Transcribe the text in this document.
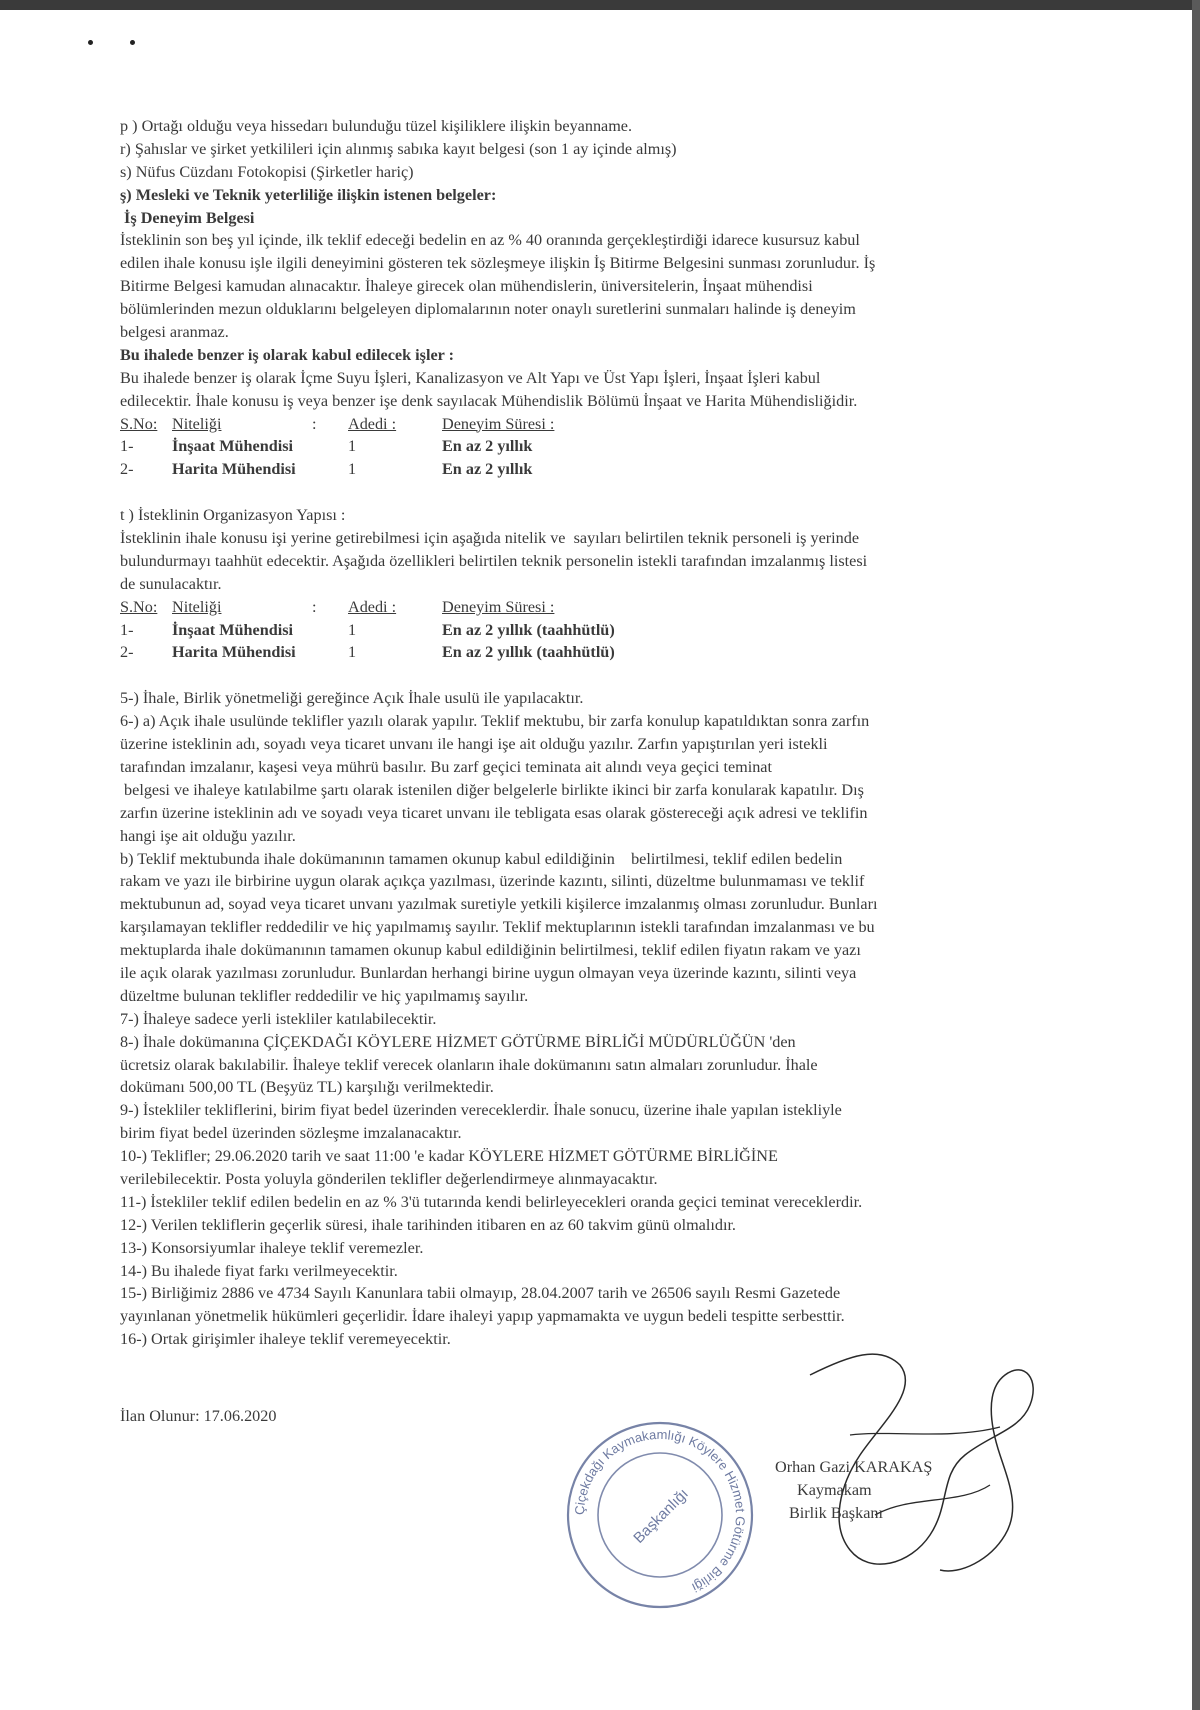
p ) Ortağı olduğu veya hissedarı bulunduğu tüzel kişiliklere ilişkin beyanname.
r) Şahıslar ve şirket yetkilileri için alınmış sabıka kayıt belgesi (son 1 ay içinde almış)
s) Nüfus Cüzdanı Fotokopisi (Şirketler hariç)
ş) Mesleki ve Teknik yeterliliğe ilişkin istenen belgeler:
İş Deneyim Belgesi
İsteklinin son beş yıl içinde, ilk teklif edeceği bedelin en az % 40 oranında gerçekleştirdiği idarece kusursuz kabul
edilen ihale konusu işle ilgili deneyimini gösteren tek sözleşmeye ilişkin İş Bitirme Belgesini sunması zorunludur. İş
Bitirme Belgesi kamudan alınacaktır. İhaleye girecek olan mühendislerin, üniversitelerin, İnşaat mühendisi
bölümlerinden mezun olduklarını belgeleyen diplomalarının noter onaylı suretlerini sunmaları halinde iş deneyim
belgesi aranmaz.
Bu ihalede benzer iş olarak kabul edilecek işler :
Bu ihalede benzer iş olarak İçme Suyu İşleri, Kanalizasyon ve Alt Yapı ve Üst Yapı İşleri, İnşaat İşleri kabul
edilecektir. İhale konusu iş veya benzer işe denk sayılacak Mühendislik Bölümü İnşaat ve Harita Mühendisliğidir.
S.No: Niteliği	: Adedi :	Deneyim Süresi :
1- İnşaat Mühendisi	1	En az 2 yıllık
2- Harita Mühendisi	1	En az 2 yıllık
t ) İsteklinin Organizasyon Yapısı :
İsteklinin ihale konusu işi yerine getirebilmesi için aşağıda nitelik ve  sayıları belirtilen teknik personeli iş yerinde
bulundurmayı taahhüt edecektir. Aşağıda özellikleri belirtilen teknik personelin istekli tarafından imzalanmış listesi
de sunulacaktır.
S.No: Niteliği	: Adedi :	Deneyim Süresi :
1- İnşaat Mühendisi	1	En az 2 yıllık (taahhütlü)
2- Harita Mühendisi	1	En az 2 yıllık (taahhütlü)
5-) İhale, Birlik yönetmeliği gereğince Açık İhale usulü ile yapılacaktır.
6-) a) Açık ihale usulünde teklifler yazılı olarak yapılır. Teklif mektubu, bir zarfa konulup kapatıldıktan sonra zarfın
üzerine isteklinin adı, soyadı veya ticaret unvanı ile hangi işe ait olduğu yazılır. Zarfın yapıştırılan yeri istekli
tarafından imzalanır, kaşesi veya mührü basılır. Bu zarf geçici teminata ait alındı veya geçici teminat
belgesi ve ihaleye katılabilme şartı olarak istenilen diğer belgelerle birlikte ikinci bir zarfa konularak kapatılır. Dış
zarfın üzerine isteklinin adı ve soyadı veya ticaret unvanı ile tebligata esas olarak göstereceği açık adresi ve teklifin
hangi işe ait olduğu yazılır.
b) Teklif mektubunda ihale dokümanının tamamen okunup kabul edildiğinin    belirtilmesi, teklif edilen bedelin
rakam ve yazı ile birbirine uygun olarak açıkça yazılması, üzerinde kazıntı, silinti, düzeltme bulunmaması ve teklif
mektubunun ad, soyad veya ticaret unvanı yazılmak suretiyle yetkili kişilerce imzalanmış olması zorunludur. Bunları
karşılamayan teklifler reddedilir ve hiç yapılmamış sayılır. Teklif mektuplarının istekli tarafından imzalanması ve bu
mektuplarda ihale dokümanının tamamen okunup kabul edildiğinin belirtilmesi, teklif edilen fiyatın rakam ve yazı
ile açık olarak yazılması zorunludur. Bunlardan herhangi birine uygun olmayan veya üzerinde kazıntı, silinti veya
düzeltme bulunan teklifler reddedilir ve hiç yapılmamış sayılır.
7-) İhaleye sadece yerli istekliler katılabilecektir.
8-) İhale dokümanına ÇİÇEKDAĞI KÖYLERE HİZMET GÖTÜRME BİRLİĞİ MÜDÜRLÜĞÜN 'den
ücretsiz olarak bakılabilir. İhaleye teklif verecek olanların ihale dokümanını satın almaları zorunludur. İhale
dokümanı 500,00 TL (Beşyüz TL) karşılığı verilmektedir.
9-) İstekliler tekliflerini, birim fiyat bedel üzerinden vereceklerdir. İhale sonucu, üzerine ihale yapılan istekliyle
birim fiyat bedel üzerinden sözleşme imzalanacaktır.
10-) Teklifler; 29.06.2020 tarih ve saat 11:00 'e kadar KÖYLERE HİZMET GÖTÜRME BİRLİĞİNE
verilebilecektir. Posta yoluyla gönderilen teklifler değerlendirmeye alınmayacaktır.
11-) İstekliler teklif edilen bedelin en az % 3'ü tutarında kendi belirleyecekleri oranda geçici teminat vereceklerdir.
12-) Verilen tekliflerin geçerlik süresi, ihale tarihinden itibaren en az 60 takvim günü olmalıdır.
13-) Konsorsiyumlar ihaleye teklif veremezler.
14-) Bu ihalede fiyat farkı verilmeyecektir.
15-) Birliğimiz 2886 ve 4734 Sayılı Kanunlara tabii olmayıp, 28.04.2007 tarih ve 26506 sayılı Resmi Gazetede
yayınlanan yönetmelik hükümleri geçerlidir. İdare ihaleyi yapıp yapmamakta ve uygun bedeli tespitte serbesttir.
16-) Ortak girişimler ihaleye teklif veremeyecektir.
İlan Olunur: 17.06.2020
Çiçekdağı Kaymakamlığı Köylere Hizmet Götürme Birliği
Başkanlığı
Orhan Gazi KARAKAŞ
Kaymakam
Birlik Başkanı
